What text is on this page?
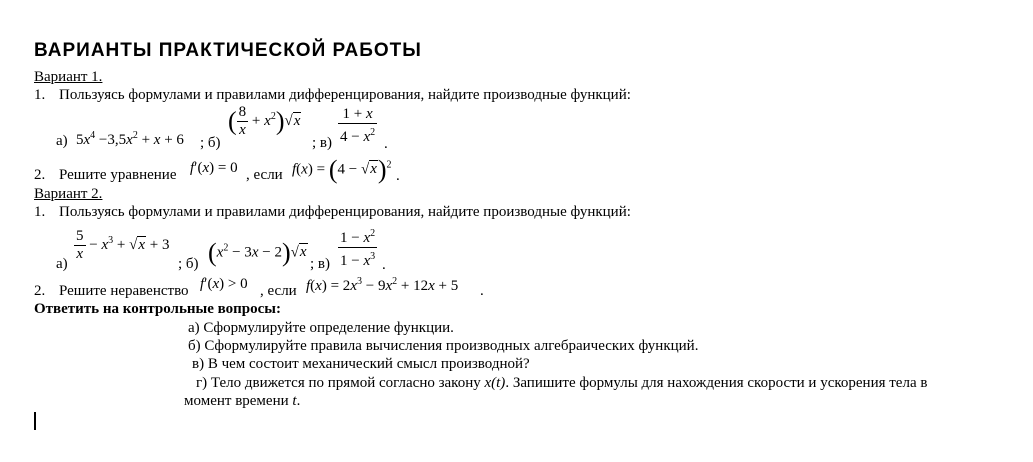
ВАРИАНТЫ ПРАКТИЧЕСКОЙ РАБОТЫ
Вариант 1.
1. Пользуясь формулами и правилами дифференцирования, найдите производные функций:
а) $5x^4 -3,5x^2 + x + 6$ ; б)
( $\frac{8}{x} + x^2)√x$
; $в) \frac{1 + x}{4 - x^2}$ .
2. Решите уравнение f′(x) = 0 , если $f(x) = (4 - √x)^2$
.
Вариант 2.
1. Пользуясь формулами и правилами дифференцирования, найдите производные функций:
а)
$\frac{5}{x} - x^3 + √x + 3$
; б) $(x^2 - 3x - 2)√x$
; $в) \frac{1 - x^2}{1 - x^3}$ .
2. Решите неравенство f′(x) > 0 , если $f(x) = 2x^3 - 9x^2 + 12x + 5$ .
Ответить на контрольные вопросы:
а) Сформулируйте определение функции.
б) Сформулируйте правила вычисления производных алгебраических функций.
в) В чем состоит механический смысл производной?
г) Тело движется по прямой согласно закону x(t). Запишите формулы для нахождения скорости и ускорения тела в
момент времени t.
